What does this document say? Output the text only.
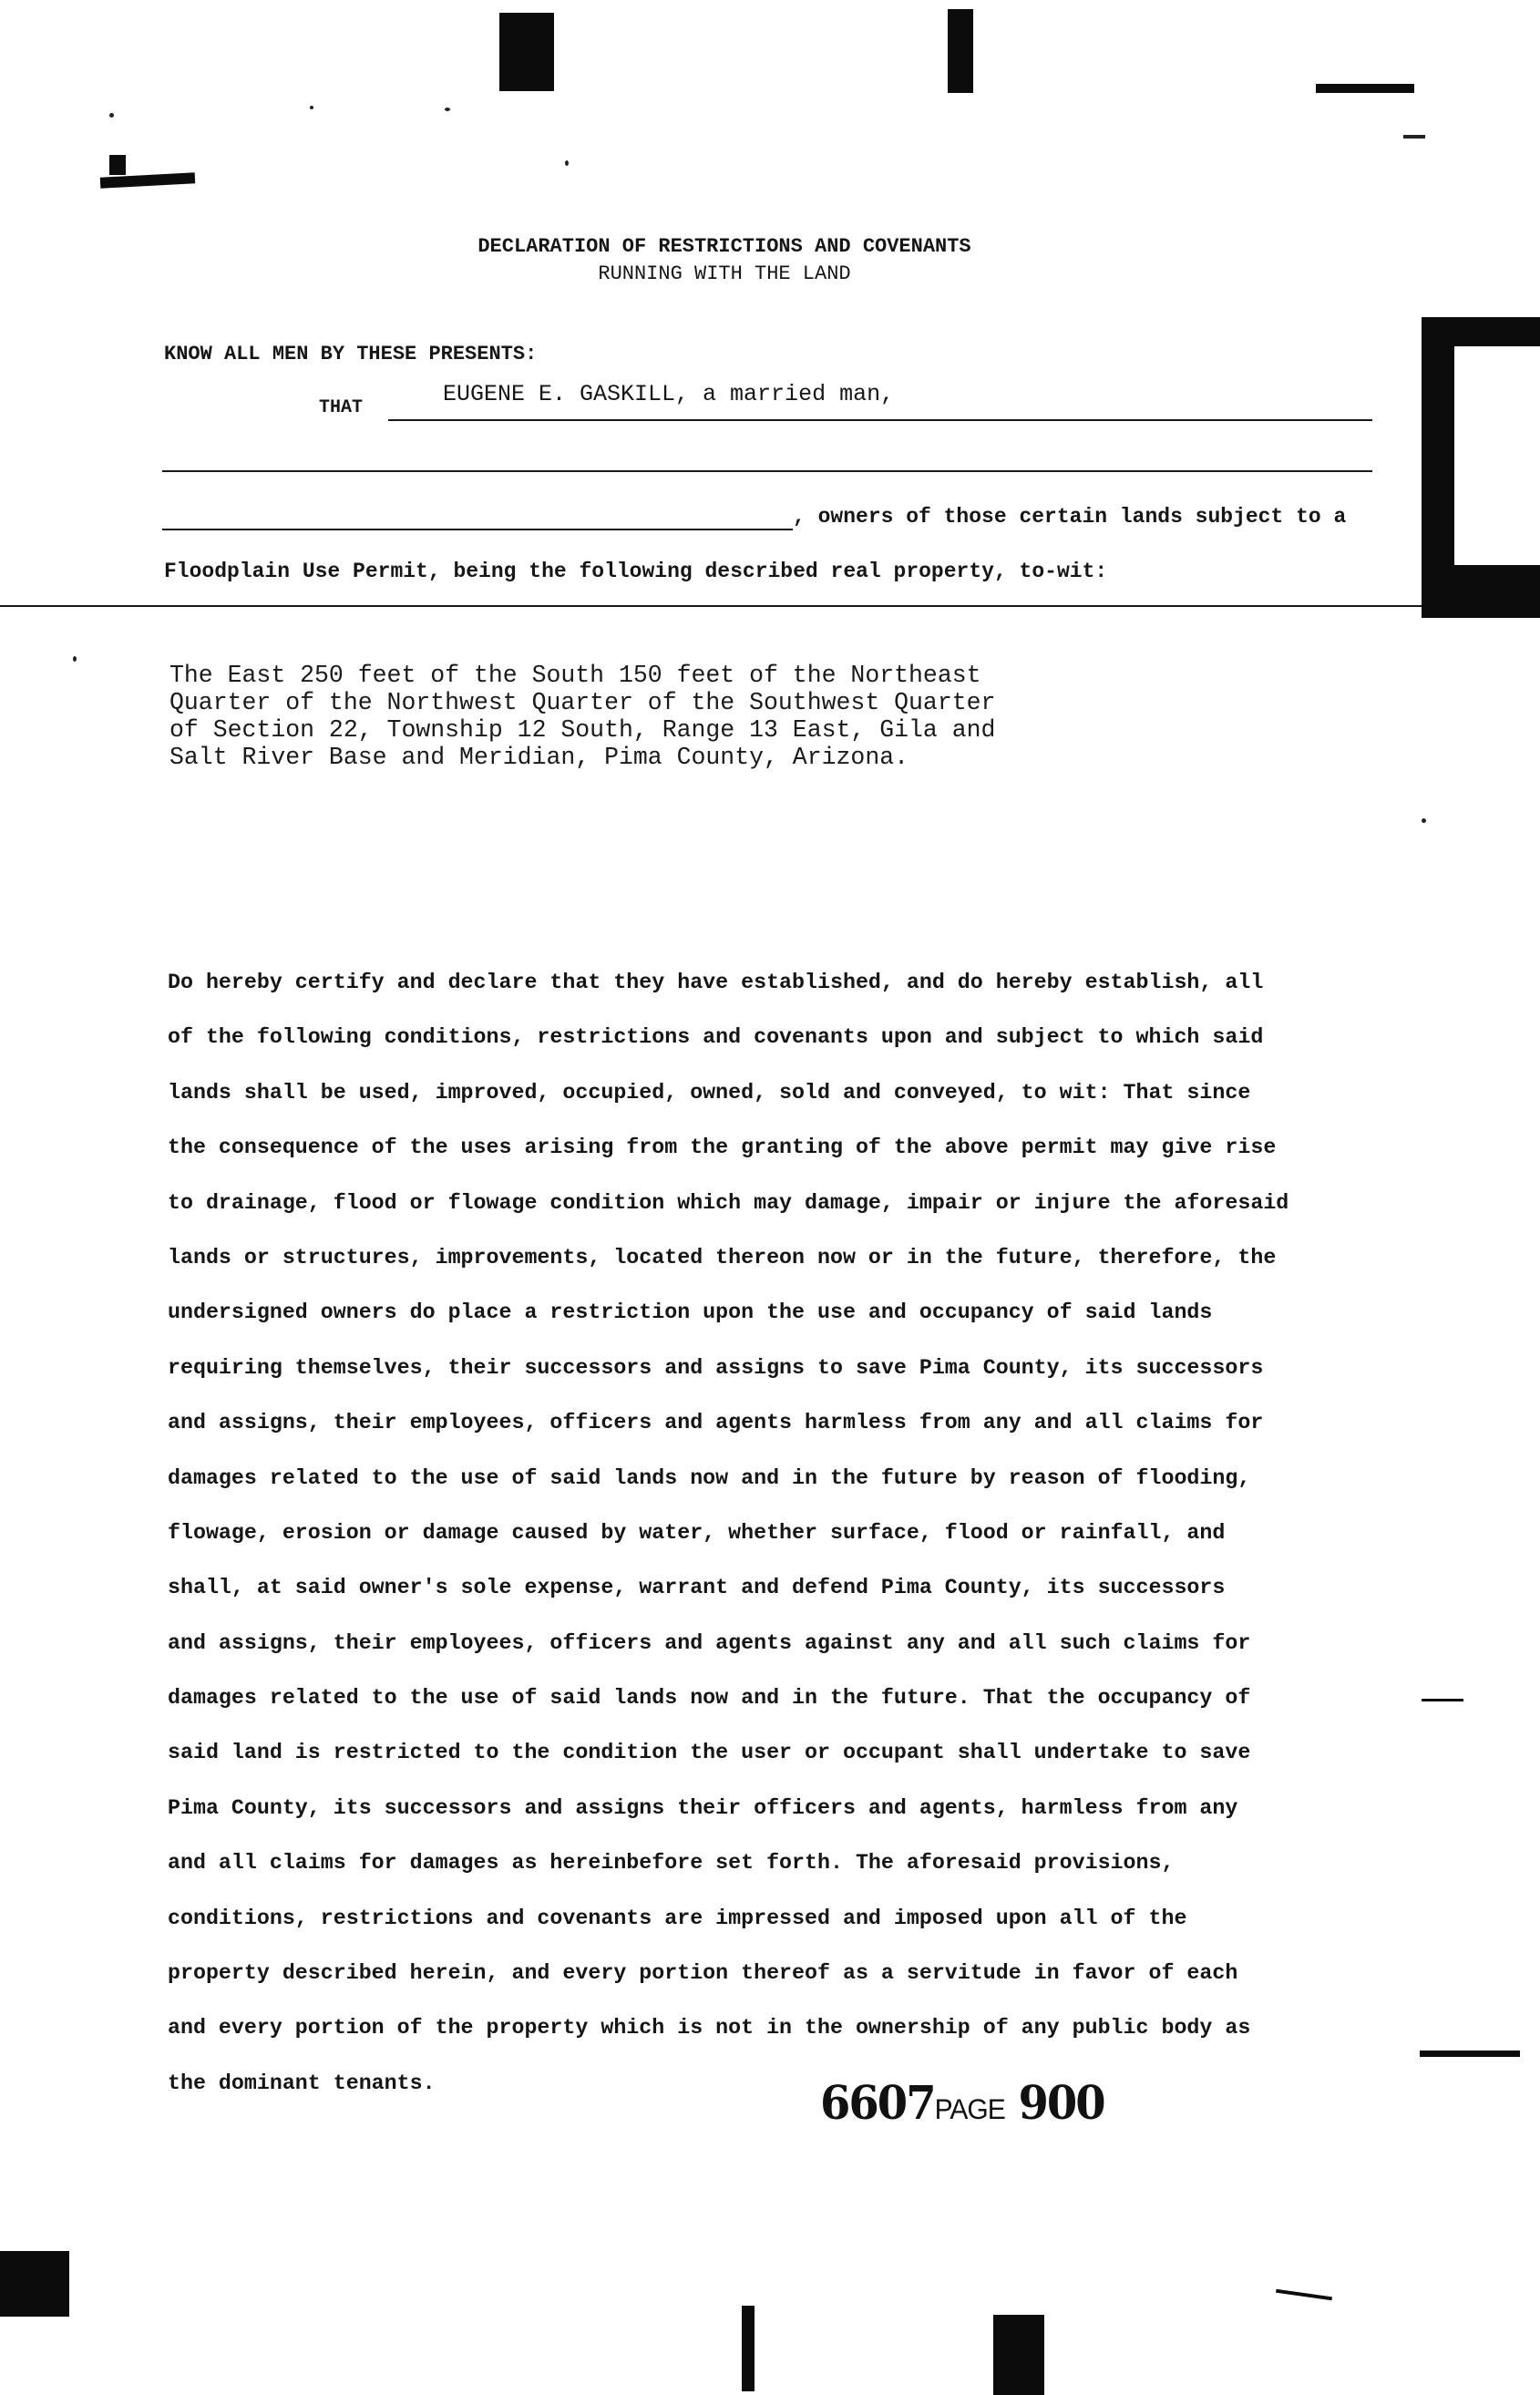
DECLARATION OF RESTRICTIONS AND COVENANTS
RUNNING WITH THE LAND
KNOW ALL MEN BY THESE PRESENTS:
THAT
EUGENE E. GASKILL, a married man,
, owners of those certain lands subject to a
Floodplain Use Permit, being the following described real property, to-wit:
The East 250 feet of the South 150 feet of the Northeast
Quarter of the Northwest Quarter of the Southwest Quarter
of Section 22, Township 12 South, Range 13 East, Gila and
Salt River Base and Meridian, Pima County, Arizona.
Do hereby certify and declare that they have established, and do hereby establish, all
of the following conditions, restrictions and covenants upon and subject to which said
lands shall be used, improved, occupied, owned, sold and conveyed, to wit: That since
the consequence of the uses arising from the granting of the above permit may give rise
to drainage, flood or flowage condition which may damage, impair or injure the aforesaid
lands or structures, improvements, located thereon now or in the future, therefore, the
undersigned owners do place a restriction upon the use and occupancy of said lands
requiring themselves, their successors and assigns to save Pima County, its successors
and assigns, their employees, officers and agents harmless from any and all claims for
damages related to the use of said lands now and in the future by reason of flooding,
flowage, erosion or damage caused by water, whether surface, flood or rainfall, and
shall, at said owner's sole expense, warrant and defend Pima County, its successors
and assigns, their employees, officers and agents against any and all such claims for
damages related to the use of said lands now and in the future. That the occupancy of
said land is restricted to the condition the user or occupant shall undertake to save
Pima County, its successors and assigns their officers and agents, harmless from any
and all claims for damages as hereinbefore set forth. The aforesaid provisions,
conditions, restrictions and covenants are impressed and imposed upon all of the
property described herein, and every portion thereof as a servitude in favor of each
and every portion of the property which is not in the ownership of any public body as
the dominant tenants.	6607PAGE 900
